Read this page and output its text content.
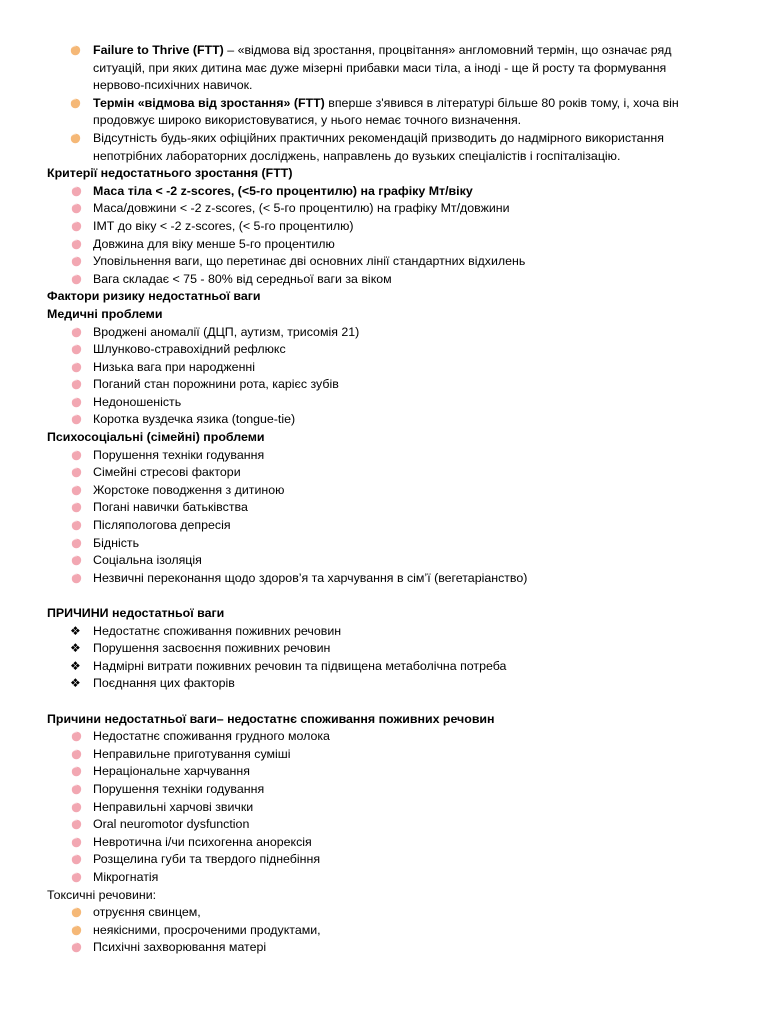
Failure to Thrive (FTT) – «відмова від зростання, процвітання» англомовний термін, що означає ряд ситуацій, при яких дитина має дуже мізерні прибавки маси тіла, а іноді - ще й росту та формування нервово-психічних навичок.
Термін «відмова від зростання» (FTT) вперше з'явився в літературі більше 80 років тому, і, хоча він продовжує широко використовуватися, у нього немає точного визначення.
Відсутність будь-яких офіційних практичних рекомендацій призводить до надмірного використання непотрібних лабораторних досліджень, направлень до вузьких спеціалістів і госпіталізацію.
Критерії недостатнього зростання (FTT)
Маса тіла < -2 z-scores, (<5-го процентилю) на графіку Мт/віку
Маса/довжини < -2 z-scores, (< 5-го процентилю) на графіку Мт/довжини
ІМТ до віку < -2 z-scores, (< 5-го процентилю)
Довжина для віку менше 5-го процентилю
Уповільнення ваги, що перетинає дві основних лінії стандартних відхилень
Вага складає < 75 - 80% від середньої ваги за віком
Фактори ризику недостатньої ваги
Медичні проблеми
Вроджені аномалії (ДЦП, аутизм, трисомія 21)
Шлунково-стравохідний рефлюкс
Низька вага при народженні
Поганий стан порожнини рота, карієс зубів
Недоношеність
Коротка вуздечка язика (tongue-tie)
Психосоціальні (сімейні) проблеми
Порушення техніки годування
Сімейні стресові фактори
Жорстоке поводження з дитиною
Погані навички батьківства
Післяпологова депресія
Бідність
Соціальна ізоляція
Незвичні переконання щодо здоров’я та харчування в сім’ї (вегетаріанство)
ПРИЧИНИ недостатньої ваги
❖ Недостатнє споживання поживних речовин
❖ Порушення засвоєння поживних речовин
❖ Надмірні витрати поживних речовин та підвищена метаболічна потреба
❖ Поєднання цих факторів
Причини недостатньої ваги– недостатнє споживання поживних речовин
Недостатнє споживання грудного молока
Неправильне приготування суміші
Нераціональне харчування
Порушення техніки годування
Неправильні харчові звички
Oral neuromotor dysfunction
Невротична і/чи психогенна анорексія
Розщелина губи та твердого піднебіння
Мікрогнатія
Токсичні речовини:
отруєння свинцем,
неякісними, просроченими продуктами,
Психічні захворювання матері
